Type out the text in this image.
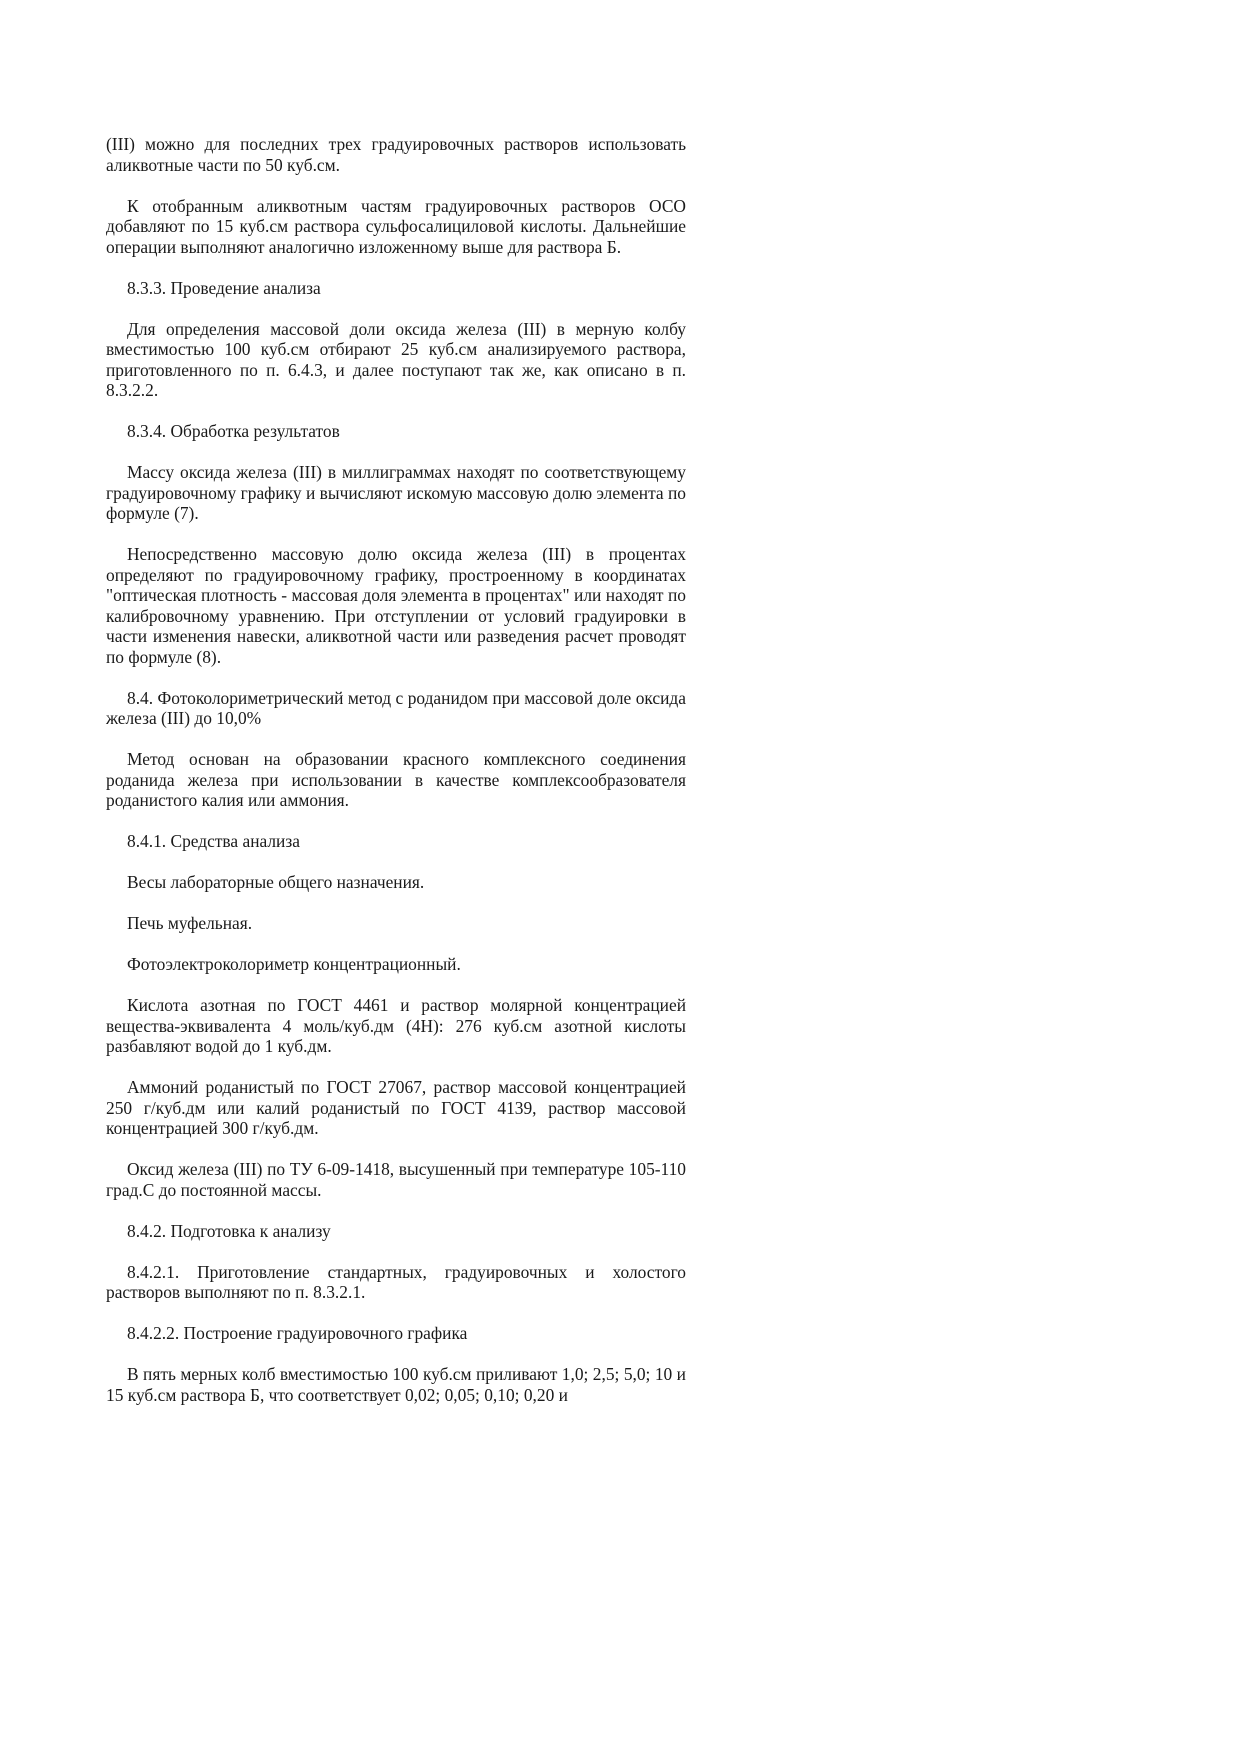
(III) можно для последних трех градуировочных растворов использовать аликвотные части по 50 куб.см.

К отобранным аликвотным частям градуировочных растворов ОСО добавляют по 15 куб.см раствора сульфосалициловой кислоты. Дальнейшие операции выполняют аналогично изложенному выше для раствора Б.

8.3.3. Проведение анализа

Для определения массовой доли оксида железа (III) в мерную колбу вместимостью 100 куб.см отбирают 25 куб.см анализируемого раствора, приготовленного по п. 6.4.3, и далее поступают так же, как описано в п. 8.3.2.2.

8.3.4. Обработка результатов

Массу оксида железа (III) в миллиграммах находят по соответствующему градуировочному графику и вычисляют искомую массовую долю элемента по формуле (7).

Непосредственно массовую долю оксида железа (III) в процентах определяют по градуировочному графику, простроенному в координатах "оптическая плотность - массовая доля элемента в процентах" или находят по калибровочному уравнению. При отступлении от условий градуировки в части изменения навески, аликвотной части или разведения расчет проводят по формуле (8).

8.4. Фотоколориметрический метод с роданидом при массовой доле оксида железа (III) до 10,0%

Метод основан на образовании красного комплексного соединения роданида железа при использовании в качестве комплексообразователя роданистого калия или аммония.

8.4.1. Средства анализа

Весы лабораторные общего назначения.

Печь муфельная.

Фотоэлектроколориметр концентрационный.

Кислота азотная по ГОСТ 4461 и раствор молярной концентрацией вещества-эквивалента 4 моль/куб.дм (4Н): 276 куб.см азотной кислоты разбавляют водой до 1 куб.дм.

Аммоний роданистый по ГОСТ 27067, раствор массовой концентрацией 250 г/куб.дм или калий роданистый по ГОСТ 4139, раствор массовой концентрацией 300 г/куб.дм.

Оксид железа (III) по ТУ 6-09-1418, высушенный при температуре 105-110 град.С до постоянной массы.

8.4.2. Подготовка к анализу

8.4.2.1. Приготовление стандартных, градуировочных и холостого растворов выполняют по п. 8.3.2.1.

8.4.2.2. Построение градуировочного графика

В пять мерных колб вместимостью 100 куб.см приливают 1,0; 2,5; 5,0; 10 и 15 куб.см раствора Б, что соответствует 0,02; 0,05; 0,10; 0,20 и
